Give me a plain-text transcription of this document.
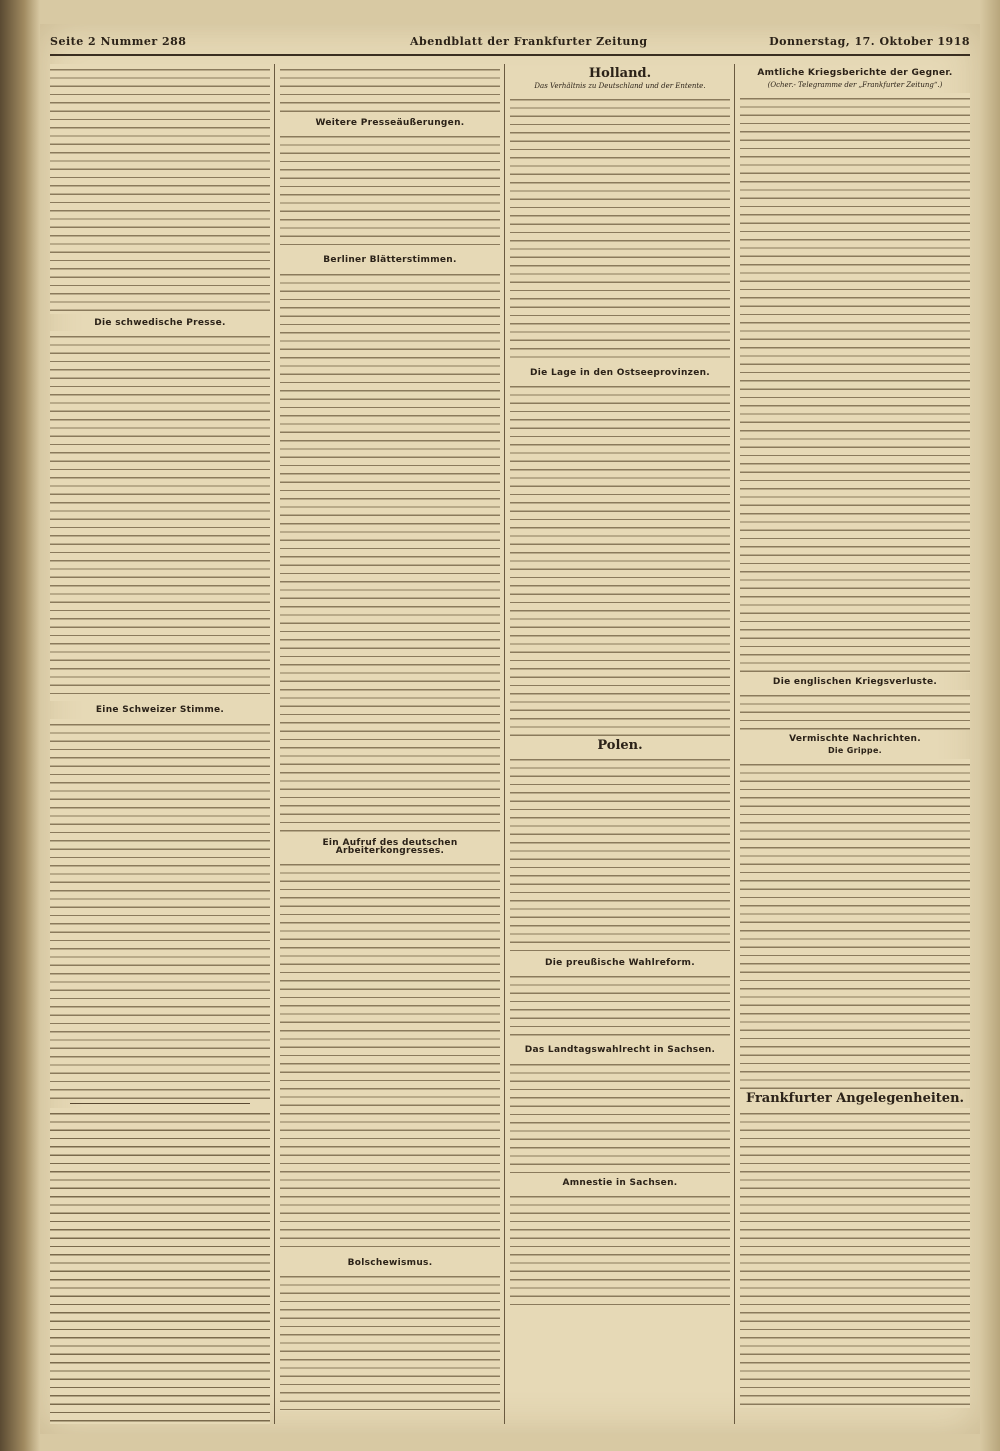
Seite 2 Nummer 288	Abendblatt der Frankfurter Zeitung	Donnerstag, 17. Oktober 1918
Die schwedische Presse.
Eine Schweizer Stimme.
Weitere Presseäußerungen.
Berliner Blätterstimmen.
Ein Aufruf des deutschen Arbeiterkongresses.
Bolschewismus.
Holland.
Das Verhältnis zu Deutschland und der Entente.
Die Lage in den Ostseeprovinzen.
Polen.
Die preußische Wahlreform.
Das Landtagswahlrecht in Sachsen.
Amnestie in Sachsen.
Amtliche Kriegsberichte der Gegner.
(Ocher.- Telegramme der „Frankfurter Zeitung“.)
Die englischen Kriegsverluste.
Vermischte Nachrichten.
Die Grippe.
Frankfurter Angelegenheiten.
